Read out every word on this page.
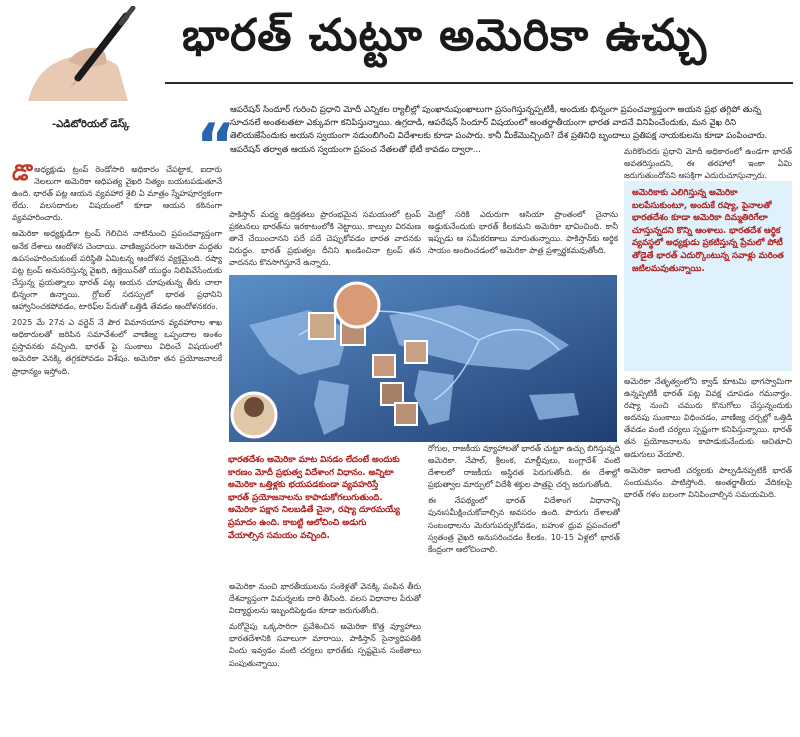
భారత్ చుట్టూ అమెరికా ఉచ్చు
-ఎడిటోరియల్ డెస్క్ “
ఆపరేషన్ సిందూర్ గురించి ప్రధాని మోదీ ఎన్నికల ర్యాలీల్లో పుంఖానుపుంఖాలుగా ప్రసంగిస్తున్నప్పటికీ, అందుకు భిన్నంగా ప్రపంచవ్యాప్తంగా అయన ప్రభ తగ్గిపో తున్న సూచనలే అంతటతటా ఎక్కువగా కనిపిస్తున్నాయి. ఉగ్రదాడి, ఆపరేషన్ సిందూర్ విషయంలో అంతర్జాతీయంగా భారత వాదనే వినిపించేందుకు, మన వైఖ రిని తెలియజేసేందుకు అయన స్వయంగా నడుంబిగించి విదేశాలకు కూడా పంపారు. కానీ మీకేమొచ్చింది? దేశ ప్రతినిధి బృందాలు ప్రతిపక్ష నాయకులను కూడా పంపించారు. ఆపరేషన్ తర్వాత ఆయన స్వయంగా ప్రపంచ నేతలతో భేటీ కావడం ద్వారా...

డొఅధ్యక్షుడు ట్రంప్ రెండోసారి అధికారం చేపట్టాక, ఐదారు నెలలుగా అమెరికా ఆధిపత్య వైఖరి నిత్యం బయటపడుతూనే ఉంది. భారత్ పట్ల ఆయన వ్యవహార శైలి ఏ మాత్రం స్నేహపూర్వకంగా లేదు. వలసదారుల విషయంలో కూడా ఆయన కఠినంగా వ్యవహరించారు.

అమెరికా అధ్యక్షుడిగా ట్రంప్ గెలిచిన నాటినుంచి ప్రపంచవ్యాప్తంగా అనేక దేశాలు ఆందోళన చెందాయి. వాణిజ్యపరంగా అమెరికా మద్దతు ఉపసంహరించుకుంటే పరిస్థితి ఏమిటన్న ఆందోళన వ్యక్తమైంది. రష్యా పట్ల ట్రంప్ అనుసరిస్తున్న వైఖరి, ఉక్రెయిన్‌తో యుద్ధం నిలిపివేసేందుకు చేస్తున్న ప్రయత్నాలు భారత్ పట్ల ఆయన చూపుతున్న తీరు చాలా భిన్నంగా ఉన్నాయి. గ్లోబల్ సదస్సులో భారత ప్రధానిని ఆహ్వానించకపోవడం, టారిఫ్‌ల పేరుతో ఒత్తిడి తేవడం ఆందోళనకరం.

2025 మే 27న ఎ వర్జెన్ నే పౌర విమానయాన వ్యవహారాల శాఖ అధికారులతో జరిపిన సమావేశంలో వాణిజ్య ఒప్పందాల అంశం ప్రస్తావనకు వచ్చింది. భారత్ పై సుంకాలు విధించే విషయంలో అమెరికా వెనక్కి తగ్గకపోవడం విశేషం. అమెరికా తన ప్రయోజనాలకే ప్రాధాన్యం ఇస్తోంది.

పాకిస్తాన్ మధ్య ఉద్రిక్తతలు ప్రారంభమైన సమయంలో ట్రంప్ ప్రకటనలు భారత్‌ను ఇరకాటంలోకి నెట్టాయి. కాల్పుల విరమణ తానే చేయించానని పదే పదే చెప్పుకోవడం భారత వాదనకు విరుద్ధం. భారత్ ప్రభుత్వం దీనిని ఖండించినా ట్రంప్ తన వాదనను కొనసాగిస్తూనే ఉన్నారు.

మెట్రో సరికి ఎదురుగా ఆసియా ప్రాంతంలో చైనాను అడ్డుకునేందుకు భారత్ కీలకమని అమెరికా భావించింది. కానీ ఇప్పుడు ఆ సమీకరణాలు మారుతున్నాయి. పాకిస్తాన్‌కు ఆర్థిక సాయం అందించడంలో అమెరికా పాత్ర ప్రశ్నార్థకమవుతోంది.

అమెరికాకు ఎలిగిస్తున్న అమెరికా బలపేసుకుంటూ, అందుకే రష్యా, పైనాలతో భారతదేశం కూడా అమెరికా దిమ్మతిరిగేలా చూస్తున్నదని కొన్ని ఆంశాలు. భారతదేశ ఆర్థిక వ్యవస్థలో అధ్యక్షుడు ప్రకటిస్తున్న ప్రేమలో పోటీ తోడైతే భారత్ ఎదుర్కొంటున్న సవాళ్లు మరింత జటిలమవుతున్నాయి.

రోగుల, రాజకీయ వ్యూహాలతో భారత్ చుట్టూ ఉచ్చు బిగిస్తున్నది అమెరికా. నేపాల్, శ్రీలంక, మాల్దీవులు, బంగ్లాదేశ్ వంటి దేశాలలో రాజకీయ అస్థిరత పెరుగుతోంది. ఈ దేశాల్లో ప్రభుత్వాల మార్పులో విదేశీ శక్తుల పాత్రపై చర్చ జరుగుతోంది.

ఈ నేపథ్యంలో భారత్ విదేశాంగ విధానాన్ని పునఃసమీక్షించుకోవాల్సిన అవసరం ఉంది. పొరుగు దేశాలతో సంబంధాలను మెరుగుపర్చుకోవడం, బహుళ ధ్రువ ప్రపంచంలో స్వతంత్ర వైఖరి అనుసరించడం కీలకం. 10-15 ఏళ్లలో భారత్ కేంద్రంగా ఆలోచించాలి.

మరికొందరు ప్రధాని మోదీ అధికారంలో ఉండగా భారత్ అవతరిస్తుందని, ఈ తరహాలో ఇంకా ఏమి జరుగుతుందోనని ఆసక్తిగా ఎదురుచూస్తున్నారు.

అమెరికా నేతృత్వంలోని క్వాడ్ కూటమి భాగస్వామిగా ఉన్నప్పటికీ భారత్ పట్ల వివక్ష చూపడం గమనార్హం. రష్యా నుంచి చమురు కొనుగోలు చేస్తున్నందుకు అదనపు సుంకాలు విధించడం, వాణిజ్య చర్చల్లో ఒత్తిడి తేవడం వంటి చర్యలు స్పష్టంగా కనిపిస్తున్నాయి. భారత్ తన ప్రయోజనాలను కాపాడుకునేందుకు ఆచితూచి అడుగులు వేయాలి.

అమెరికా ఇలాంటి చర్యలకు పాల్పడినప్పటికీ భారత్ సంయమనం పాటిస్తోంది. అంతర్జాతీయ వేదికలపై భారత్ గళం బలంగా వినిపించాల్సిన సమయమిది.

భారతదేశం అమెరికా మాట వినడం లేదంటే అందుకు కారణం మోదీ ప్రభుత్వ విదేశాంగ విధానం. అన్నిటా అమెరికా ఒత్తిళ్లకు భయపడకుండా వ్యవహరిస్తే భారత్ ప్రయోజనాలను కాపాడుకోగలుగుతుంది. అమెరికా పక్షాన నిలబడితే చైనా, రష్యా దూరమయ్యే ప్రమాదం ఉంది. కాబట్టి ఆలోచించి అడుగు వేయాల్సిన సమయం వచ్చింది.

అమెరికా నుంచి భారతీయులను సంకెళ్లతో వెనక్కి పంపిన తీరు దేశవ్యాప్తంగా విమర్శలకు దారి తీసింది. వలస విధానాల పేరుతో విద్యార్థులను ఇబ్బందిపెట్టడం కూడా జరుగుతోంది.

మరోవైపు ఒక్కసారిగా ప్రవేశించిన అమెరికా కొత్త వ్యూహాలు భారతదేశానికి సవాలుగా మారాయి. పాకిస్తాన్ సైన్యాధిపతికి విందు ఇవ్వడం వంటి చర్యలు భారత్‌కు స్పష్టమైన సంకేతాలు పంపుతున్నాయి.
